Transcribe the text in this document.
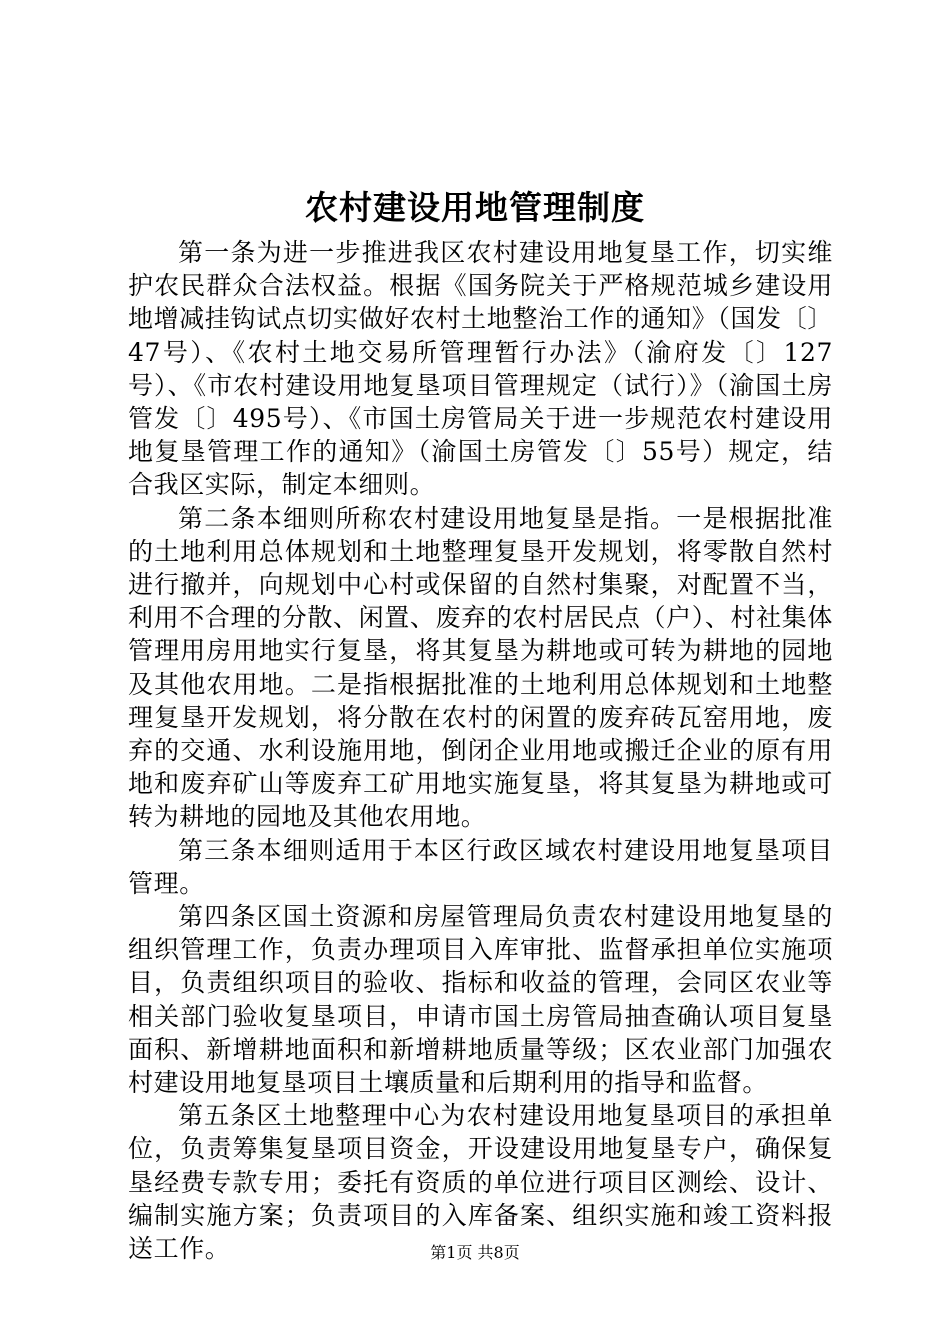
农村建设用地管理制度

第一条为进一步推进我区农村建设用地复垦工作，切实维护农民群众合法权益。根据《国务院关于严格规范城乡建设用地增减挂钩试点切实做好农村土地整治工作的通知》（国发〔〕47号）、《农村土地交易所管理暂行办法》（渝府发〔〕127号）、《市农村建设用地复垦项目管理规定（试行）》（渝国土房管发〔〕495号）、《市国土房管局关于进一步规范农村建设用地复垦管理工作的通知》（渝国土房管发〔〕55号）规定，结合我区实际，制定本细则。

第二条本细则所称农村建设用地复垦是指。一是根据批准的土地利用总体规划和土地整理复垦开发规划，将零散自然村进行撤并，向规划中心村或保留的自然村集聚，对配置不当，利用不合理的分散、闲置、废弃的农村居民点（户）、村社集体管理用房用地实行复垦，将其复垦为耕地或可转为耕地的园地及其他农用地。二是指根据批准的土地利用总体规划和土地整理复垦开发规划，将分散在农村的闲置的废弃砖瓦窑用地，废弃的交通、水利设施用地，倒闭企业用地或搬迁企业的原有用地和废弃矿山等废弃工矿用地实施复垦，将其复垦为耕地或可转为耕地的园地及其他农用地。

第三条本细则适用于本区行政区域农村建设用地复垦项目管理。

第四条区国土资源和房屋管理局负责农村建设用地复垦的组织管理工作，负责办理项目入库审批、监督承担单位实施项目，负责组织项目的验收、指标和收益的管理，会同区农业等相关部门验收复垦项目，申请市国土房管局抽查确认项目复垦面积、新增耕地面积和新增耕地质量等级；区农业部门加强农村建设用地复垦项目土壤质量和后期利用的指导和监督。

第五条区土地整理中心为农村建设用地复垦项目的承担单位，负责筹集复垦项目资金，开设建设用地复垦专户，确保复垦经费专款专用；委托有资质的单位进行项目区测绘、设计、编制实施方案；负责项目的入库备案、组织实施和竣工资料报送工作。	第1页 共8页
